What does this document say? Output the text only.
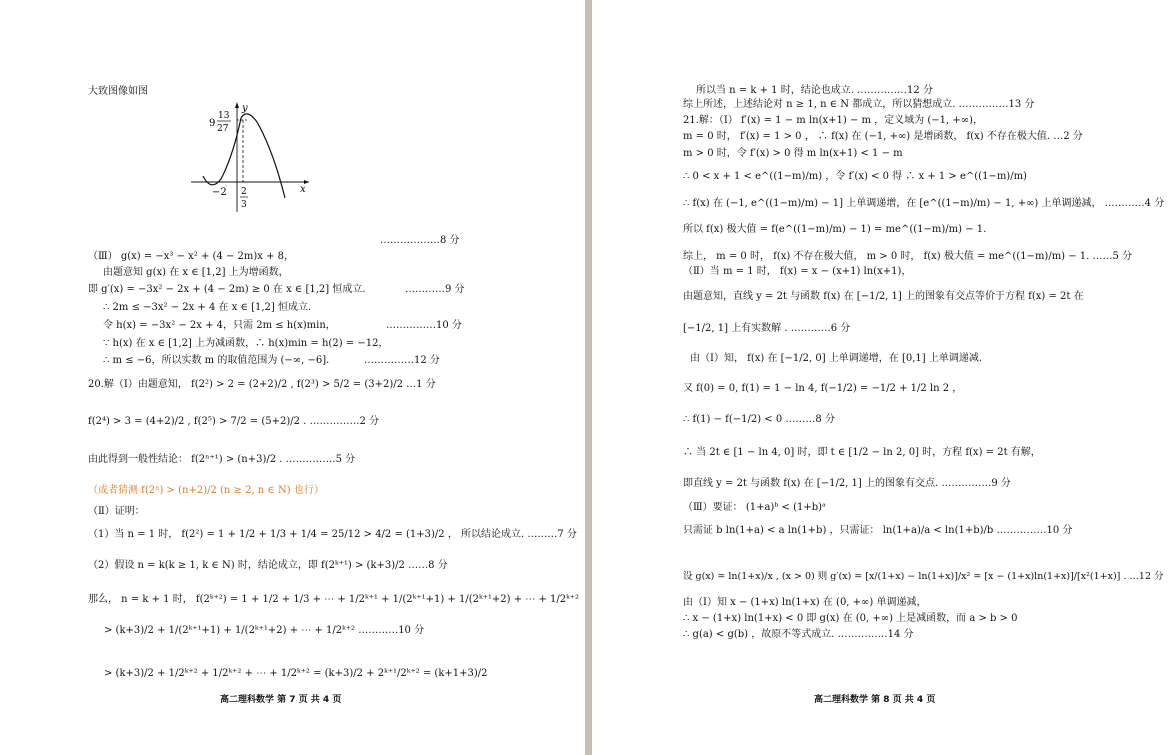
大致图像如图
y
x
9
13
27
−2 2
3
………………8 分
（Ⅲ） g(x) = −x³ − x² + (4 − 2m)x + 8，
由题意知 g(x) 在 x ∈ [1,2] 上为增函数，
即 g′(x) = −3x² − 2x + (4 − 2m) ≥ 0 在 x ∈ [1,2] 恒成立.	…………9 分
∴ 2m ≤ −3x² − 2x + 4 在 x ∈ [1,2] 恒成立.
令 h(x) = −3x² − 2x + 4，只需 2m ≤ h(x)min，	……………10 分
∵ h(x) 在 x ∈ [1,2] 上为减函数，∴ h(x)min = h(2) = −12，
∴ m ≤ −6，所以实数 m 的取值范围为 (−∞, −6]．	……………12 分
20.解（Ⅰ）由题意知， f(2²) > 2 = (2+2)/2 , f(2³) > 5/2 = (3+2)/2 …1 分
f(2⁴) > 3 = (4+2)/2 , f(2⁵) > 7/2 = (5+2)/2 . ……………2 分
由此得到一般性结论： f(2ⁿ⁺¹) > (n+3)/2 . ……………5 分
（或者猜测 f(2ⁿ) > (n+2)/2 (n ≥ 2, n ∈ N) 也行）
（Ⅱ）证明：
（1）当 n = 1 时， f(2²) = 1 + 1/2 + 1/3 + 1/4 = 25/12 > 4/2 = (1+3)/2 ， 所以结论成立. ………7 分
（2）假设 n = k(k ≥ 1, k ∈ N) 时，结论成立，即 f(2ᵏ⁺¹) > (k+3)/2 ……8 分
那么， n = k + 1 时， f(2ᵏ⁺²) = 1 + 1/2 + 1/3 + ⋯ + 1/2ᵏ⁺¹ + 1/(2ᵏ⁺¹+1) + 1/(2ᵏ⁺¹+2) + ⋯ + 1/2ᵏ⁺²
> (k+3)/2 + 1/(2ᵏ⁺¹+1) + 1/(2ᵏ⁺¹+2) + ⋯ + 1/2ᵏ⁺² …………10 分
> (k+3)/2 + 1/2ᵏ⁺² + 1/2ᵏ⁺² + ⋯ + 1/2ᵏ⁺² = (k+3)/2 + 2ᵏ⁺¹/2ᵏ⁺² = (k+1+3)/2
高二理科数学 第 7 页 共 4 页
所以当 n = k + 1 时，结论也成立. ……………12 分
综上所述，上述结论对 n ≥ 1, n ∈ N 都成立，所以猜想成立. ……………13 分
21.解：（Ⅰ） f′(x) = 1 − m ln(x+1) − m ，定义域为 (−1, +∞)，
m = 0 时， f′(x) = 1 > 0 ， ∴ f(x) 在 (−1, +∞) 是增函数， f(x) 不存在极大值. …2 分
m > 0 时，令 f′(x) > 0 得 m ln(x+1) < 1 − m
∴ 0 < x + 1 < e^((1−m)/m) ，令 f′(x) < 0 得 ∴ x + 1 > e^((1−m)/m)
∴ f(x) 在 (−1, e^((1−m)/m) − 1] 上单调递增，在 [e^((1−m)/m) − 1, +∞) 上单调递减， …………4 分
所以 f(x) 极大值 = f(e^((1−m)/m) − 1) = me^((1−m)/m) − 1.
综上， m = 0 时， f(x) 不存在极大值， m > 0 时， f(x) 极大值 = me^((1−m)/m) − 1. ……5 分
（Ⅱ）当 m = 1 时， f(x) = x − (x+1) ln(x+1)，
由题意知，直线 y = 2t 与函数 f(x) 在 [−1/2, 1] 上的图象有交点等价于方程 f(x) = 2t 在
[−1/2, 1] 上有实数解 . …………6 分
由（Ⅰ）知， f(x) 在 [−1/2, 0] 上单调递增，在 [0,1] 上单调递减.
又 f(0) = 0, f(1) = 1 − ln 4, f(−1/2) = −1/2 + 1/2 ln 2 ，
∴ f(1) − f(−1/2) < 0 ………8 分
∴ 当 2t ∈ [1 − ln 4, 0] 时，即 t ∈ [1/2 − ln 2, 0] 时，方程 f(x) = 2t 有解，
即直线 y = 2t 与函数 f(x) 在 [−1/2, 1] 上的图象有交点. ……………9 分
（Ⅲ）要证： (1+a)ᵇ < (1+b)ᵃ
只需证 b ln(1+a) < a ln(1+b) ，只需证： ln(1+a)/a < ln(1+b)/b ……………10 分
设 g(x) = ln(1+x)/x , (x > 0) 则 g′(x) = [x/(1+x) − ln(1+x)]/x² = [x − (1+x)ln(1+x)]/[x²(1+x)] . …12 分
由（Ⅰ）知 x − (1+x) ln(1+x) 在 (0, +∞) 单调递减，
∴ x − (1+x) ln(1+x) < 0 即 g(x) 在 (0, +∞) 上是减函数，而 a > b > 0
∴ g(a) < g(b) ，故原不等式成立. ……………14 分
高二理科数学 第 8 页 共 4 页
